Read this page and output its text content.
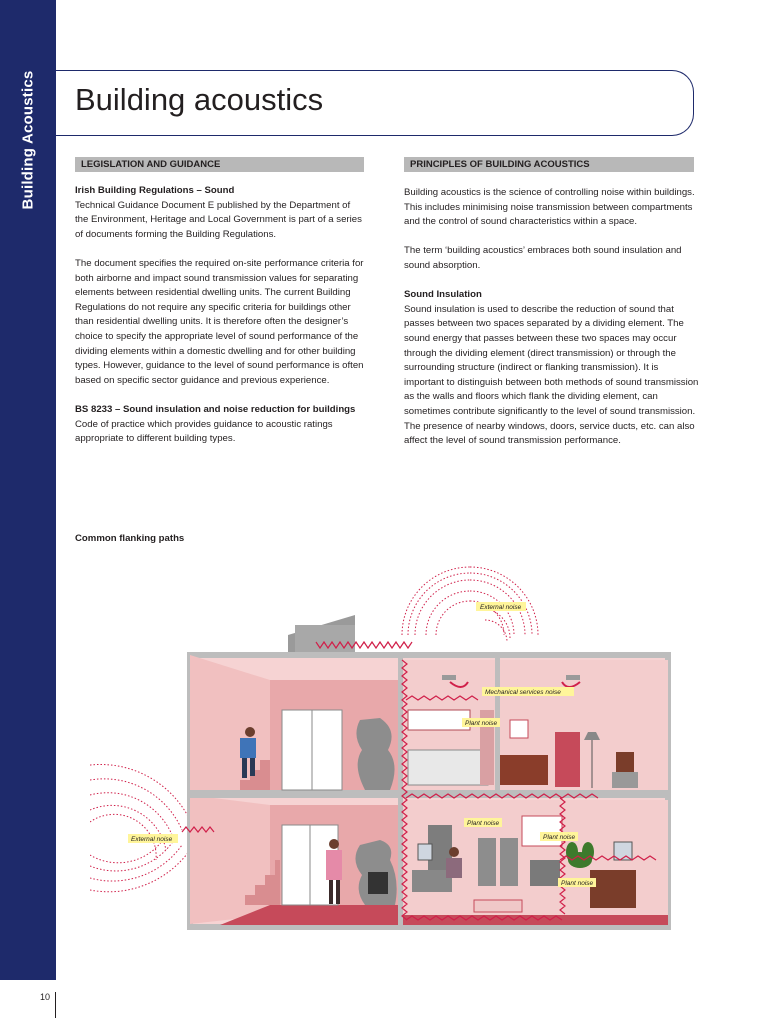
Building Acoustics Building acoustics
LEGISLATION AND GUIDANCE	PRINCIPLES OF BUILDING ACOUSTICS
Irish Building Regulations – Sound

Technical Guidance Document E published by the Department of the Environment, Heritage and Local Government is part of a series of documents forming the Building Regulations.

The document specifies the required on-site performance criteria for both airborne and impact sound transmission values for separating elements between residential dwelling units. The current Building Regulations do not require any specific criteria for buildings other than residential dwelling units. It is therefore often the designer’s choice to specify the appropriate level of sound performance of the dividing elements within a domestic dwelling and for other building types. However, guidance to the level of sound performance is often based on specific sector guidance and previous experience.

BS 8233 – Sound insulation and noise reduction for buildings

Code of practice which provides guidance to acoustic ratings appropriate to different building types.

Building acoustics is the science of controlling noise within buildings. This includes minimising noise transmission between compartments and the control of sound characteristics within a space.

The term ‘building acoustics’ embraces both sound insulation and sound absorption.

Sound Insulation

Sound insulation is used to describe the reduction of sound that passes between two spaces separated by a dividing element. The sound energy that passes between these two spaces may occur through the dividing element (direct transmission) or through the surrounding structure (indirect or flanking transmission). It is important to distinguish between both methods of sound transmission as the walls and floors which flank the dividing element, can sometimes contribute significantly to the level of sound transmission. The presence of nearby windows, doors, service ducts, etc. can also affect the level of sound transmission performance.

Common flanking paths
External noise
Mechanical services noise
Plant noise
Plant noise
Plant noise
Plant noise
External noise
10
